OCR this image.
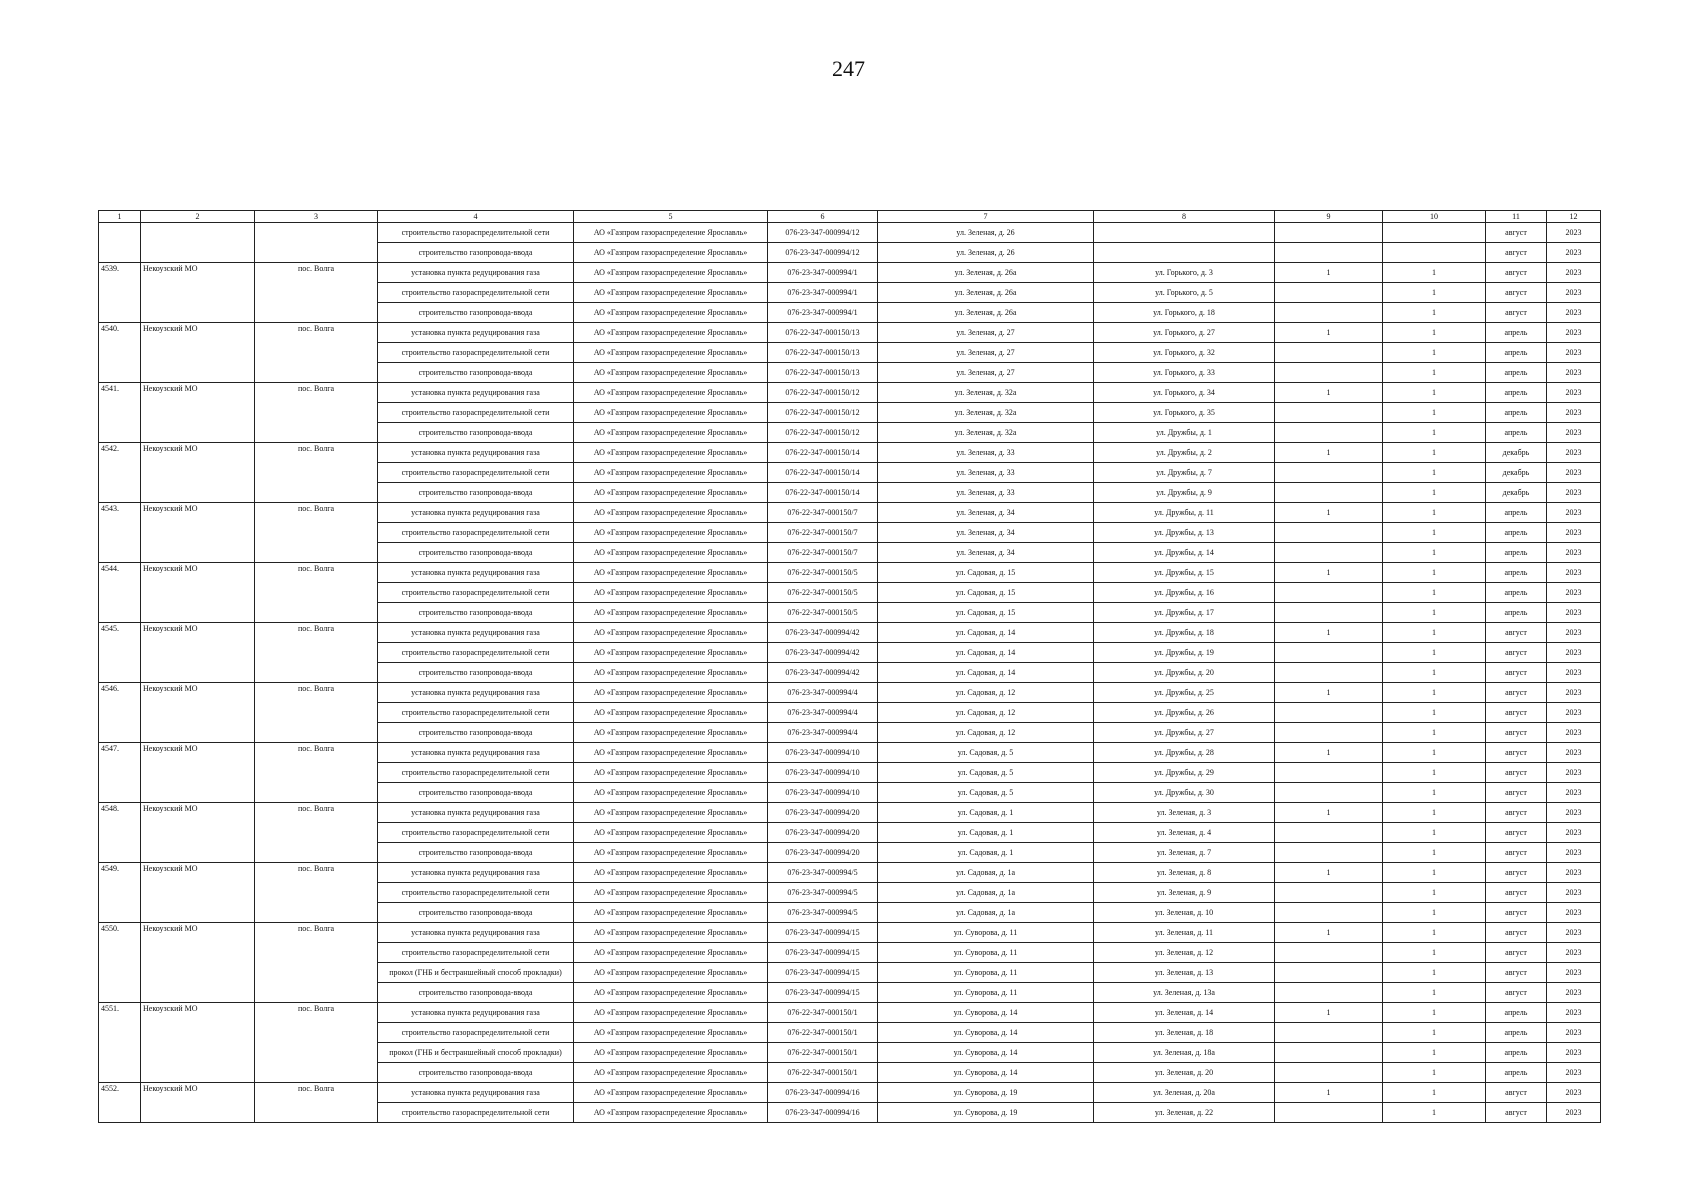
247
1	2	3	4	5	6	7	8	9	10	11	12
			строительство газораспределительной сети	АО «Газпром газораспределение Ярославль»	076-23-347-000994/12	ул. Зеленая, д. 26				август	2023
			строительство газопровода-ввода	АО «Газпром газораспределение Ярославль»	076-23-347-000994/12	ул. Зеленая, д. 26				август	2023
4539.	Некоузский МО	пос. Волга	установка пункта редуцирования газа	АО «Газпром газораспределение Ярославль»	076-23-347-000994/1	ул. Зеленая, д. 26а	ул. Горького, д. 3	1	1	август	2023
			строительство газораспределительной сети	АО «Газпром газораспределение Ярославль»	076-23-347-000994/1	ул. Зеленая, д. 26а	ул. Горького, д. 5		1	август	2023
			строительство газопровода-ввода	АО «Газпром газораспределение Ярославль»	076-23-347-000994/1	ул. Зеленая, д. 26а	ул. Горького, д. 18		1	август	2023
4540.	Некоузский МО	пос. Волга	установка пункта редуцирования газа	АО «Газпром газораспределение Ярославль»	076-22-347-000150/13	ул. Зеленая, д. 27	ул. Горького, д. 27	1	1	апрель	2023
			строительство газораспределительной сети	АО «Газпром газораспределение Ярославль»	076-22-347-000150/13	ул. Зеленая, д. 27	ул. Горького, д. 32		1	апрель	2023
			строительство газопровода-ввода	АО «Газпром газораспределение Ярославль»	076-22-347-000150/13	ул. Зеленая, д. 27	ул. Горького, д. 33		1	апрель	2023
4541.	Некоузский МО	пос. Волга	установка пункта редуцирования газа	АО «Газпром газораспределение Ярославль»	076-22-347-000150/12	ул. Зеленая, д. 32а	ул. Горького, д. 34	1	1	апрель	2023
			строительство газораспределительной сети	АО «Газпром газораспределение Ярославль»	076-22-347-000150/12	ул. Зеленая, д. 32а	ул. Горького, д. 35		1	апрель	2023
			строительство газопровода-ввода	АО «Газпром газораспределение Ярославль»	076-22-347-000150/12	ул. Зеленая, д. 32а	ул. Дружбы, д. 1		1	апрель	2023
4542.	Некоузский МО	пос. Волга	установка пункта редуцирования газа	АО «Газпром газораспределение Ярославль»	076-22-347-000150/14	ул. Зеленая, д. 33	ул. Дружбы, д. 2	1	1	декабрь	2023
			строительство газораспределительной сети	АО «Газпром газораспределение Ярославль»	076-22-347-000150/14	ул. Зеленая, д. 33	ул. Дружбы, д. 7		1	декабрь	2023
			строительство газопровода-ввода	АО «Газпром газораспределение Ярославль»	076-22-347-000150/14	ул. Зеленая, д. 33	ул. Дружбы, д. 9		1	декабрь	2023
4543.	Некоузский МО	пос. Волга	установка пункта редуцирования газа	АО «Газпром газораспределение Ярославль»	076-22-347-000150/7	ул. Зеленая, д. 34	ул. Дружбы, д. 11	1	1	апрель	2023
			строительство газораспределительной сети	АО «Газпром газораспределение Ярославль»	076-22-347-000150/7	ул. Зеленая, д. 34	ул. Дружбы, д. 13		1	апрель	2023
			строительство газопровода-ввода	АО «Газпром газораспределение Ярославль»	076-22-347-000150/7	ул. Зеленая, д. 34	ул. Дружбы, д. 14		1	апрель	2023
4544.	Некоузский МО	пос. Волга	установка пункта редуцирования газа	АО «Газпром газораспределение Ярославль»	076-22-347-000150/5	ул. Садовая, д. 15	ул. Дружбы, д. 15	1	1	апрель	2023
			строительство газораспределительной сети	АО «Газпром газораспределение Ярославль»	076-22-347-000150/5	ул. Садовая, д. 15	ул. Дружбы, д. 16		1	апрель	2023
			строительство газопровода-ввода	АО «Газпром газораспределение Ярославль»	076-22-347-000150/5	ул. Садовая, д. 15	ул. Дружбы, д. 17		1	апрель	2023
4545.	Некоузский МО	пос. Волга	установка пункта редуцирования газа	АО «Газпром газораспределение Ярославль»	076-23-347-000994/42	ул. Садовая, д. 14	ул. Дружбы, д. 18	1	1	август	2023
			строительство газораспределительной сети	АО «Газпром газораспределение Ярославль»	076-23-347-000994/42	ул. Садовая, д. 14	ул. Дружбы, д. 19		1	август	2023
			строительство газопровода-ввода	АО «Газпром газораспределение Ярославль»	076-23-347-000994/42	ул. Садовая, д. 14	ул. Дружбы, д. 20		1	август	2023
4546.	Некоузский МО	пос. Волга	установка пункта редуцирования газа	АО «Газпром газораспределение Ярославль»	076-23-347-000994/4	ул. Садовая, д. 12	ул. Дружбы, д. 25	1	1	август	2023
			строительство газораспределительной сети	АО «Газпром газораспределение Ярославль»	076-23-347-000994/4	ул. Садовая, д. 12	ул. Дружбы, д. 26		1	август	2023
			строительство газопровода-ввода	АО «Газпром газораспределение Ярославль»	076-23-347-000994/4	ул. Садовая, д. 12	ул. Дружбы, д. 27		1	август	2023
4547.	Некоузский МО	пос. Волга	установка пункта редуцирования газа	АО «Газпром газораспределение Ярославль»	076-23-347-000994/10	ул. Садовая, д. 5	ул. Дружбы, д. 28	1	1	август	2023
			строительство газораспределительной сети	АО «Газпром газораспределение Ярославль»	076-23-347-000994/10	ул. Садовая, д. 5	ул. Дружбы, д. 29		1	август	2023
			строительство газопровода-ввода	АО «Газпром газораспределение Ярославль»	076-23-347-000994/10	ул. Садовая, д. 5	ул. Дружбы, д. 30		1	август	2023
4548.	Некоузский МО	пос. Волга	установка пункта редуцирования газа	АО «Газпром газораспределение Ярославль»	076-23-347-000994/20	ул. Садовая, д. 1	ул. Зеленая, д. 3	1	1	август	2023
			строительство газораспределительной сети	АО «Газпром газораспределение Ярославль»	076-23-347-000994/20	ул. Садовая, д. 1	ул. Зеленая, д. 4		1	август	2023
			строительство газопровода-ввода	АО «Газпром газораспределение Ярославль»	076-23-347-000994/20	ул. Садовая, д. 1	ул. Зеленая, д. 7		1	август	2023
4549.	Некоузский МО	пос. Волга	установка пункта редуцирования газа	АО «Газпром газораспределение Ярославль»	076-23-347-000994/5	ул. Садовая, д. 1а	ул. Зеленая, д. 8	1	1	август	2023
			строительство газораспределительной сети	АО «Газпром газораспределение Ярославль»	076-23-347-000994/5	ул. Садовая, д. 1а	ул. Зеленая, д. 9		1	август	2023
			строительство газопровода-ввода	АО «Газпром газораспределение Ярославль»	076-23-347-000994/5	ул. Садовая, д. 1а	ул. Зеленая, д. 10		1	август	2023
4550.	Некоузский МО	пос. Волга	установка пункта редуцирования газа	АО «Газпром газораспределение Ярославль»	076-23-347-000994/15	ул. Суворова, д. 11	ул. Зеленая, д. 11	1	1	август	2023
			строительство газораспределительной сети	АО «Газпром газораспределение Ярославль»	076-23-347-000994/15	ул. Суворова, д. 11	ул. Зеленая, д. 12		1	август	2023
			прокол (ГНБ и бестраншейный способ прокладки)	АО «Газпром газораспределение Ярославль»	076-23-347-000994/15	ул. Суворова, д. 11	ул. Зеленая, д. 13		1	август	2023
			строительство газопровода-ввода	АО «Газпром газораспределение Ярославль»	076-23-347-000994/15	ул. Суворова, д. 11	ул. Зеленая, д. 13а		1	август	2023
4551.	Некоузский МО	пос. Волга	установка пункта редуцирования газа	АО «Газпром газораспределение Ярославль»	076-22-347-000150/1	ул. Суворова, д. 14	ул. Зеленая, д. 14	1	1	апрель	2023
			строительство газораспределительной сети	АО «Газпром газораспределение Ярославль»	076-22-347-000150/1	ул. Суворова, д. 14	ул. Зеленая, д. 18		1	апрель	2023
			прокол (ГНБ и бестраншейный способ прокладки)	АО «Газпром газораспределение Ярославль»	076-22-347-000150/1	ул. Суворова, д. 14	ул. Зеленая, д. 18а		1	апрель	2023
			строительство газопровода-ввода	АО «Газпром газораспределение Ярославль»	076-22-347-000150/1	ул. Суворова, д. 14	ул. Зеленая, д. 20		1	апрель	2023
4552.	Некоузский МО	пос. Волга	установка пункта редуцирования газа	АО «Газпром газораспределение Ярославль»	076-23-347-000994/16	ул. Суворова, д. 19	ул. Зеленая, д. 20а	1	1	август	2023
			строительство газораспределительной сети	АО «Газпром газораспределение Ярославль»	076-23-347-000994/16	ул. Суворова, д. 19	ул. Зеленая, д. 22		1	август	2023
